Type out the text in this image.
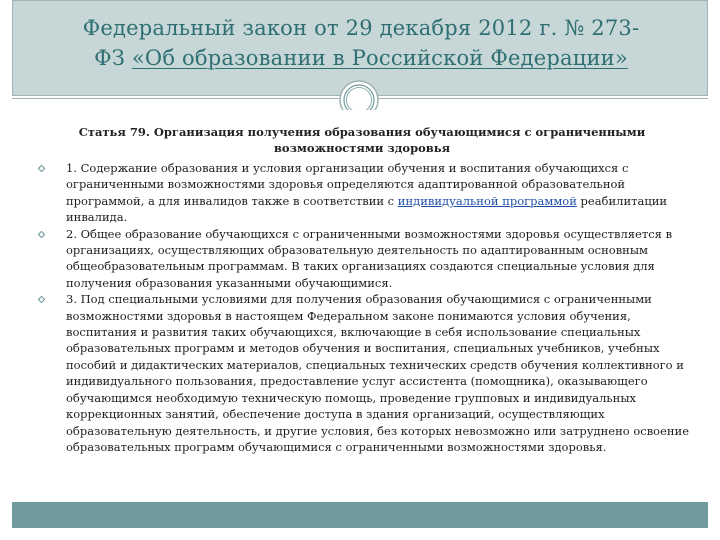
Федеральный закон от 29 декабря 2012 г. № 273-
ФЗ «Об образовании в Российской Федерации»
Статья 79. Организация получения образования обучающимися с ограниченными возможностями здоровья
1. Содержание образования и условия организации обучения и воспитания обучающихся с ограниченными возможностями здоровья определяются адаптированной образовательной программой, а для инвалидов также в соответствии с индивидуальной программой реабилитации инвалида.
2. Общее образование обучающихся с ограниченными возможностями здоровья осуществляется в организациях, осуществляющих образовательную деятельность по адаптированным основным общеобразовательным программам. В таких организациях создаются специальные условия для получения образования указанными обучающимися.
3. Под специальными условиями для получения образования обучающимися с ограниченными возможностями здоровья в настоящем Федеральном законе понимаются условия обучения, воспитания и развития таких обучающихся, включающие в себя использование специальных образовательных программ и методов обучения и воспитания, специальных учебников, учебных пособий и дидактических материалов, специальных технических средств обучения коллективного и индивидуального пользования, предоставление услуг ассистента (помощника), оказывающего обучающимся необходимую техническую помощь, проведение групповых и индивидуальных коррекционных занятий, обеспечение доступа в здания организаций, осуществляющих образовательную деятельность, и другие условия, без которых невозможно или затруднено освоение образовательных программ обучающимися с ограниченными возможностями здоровья.
